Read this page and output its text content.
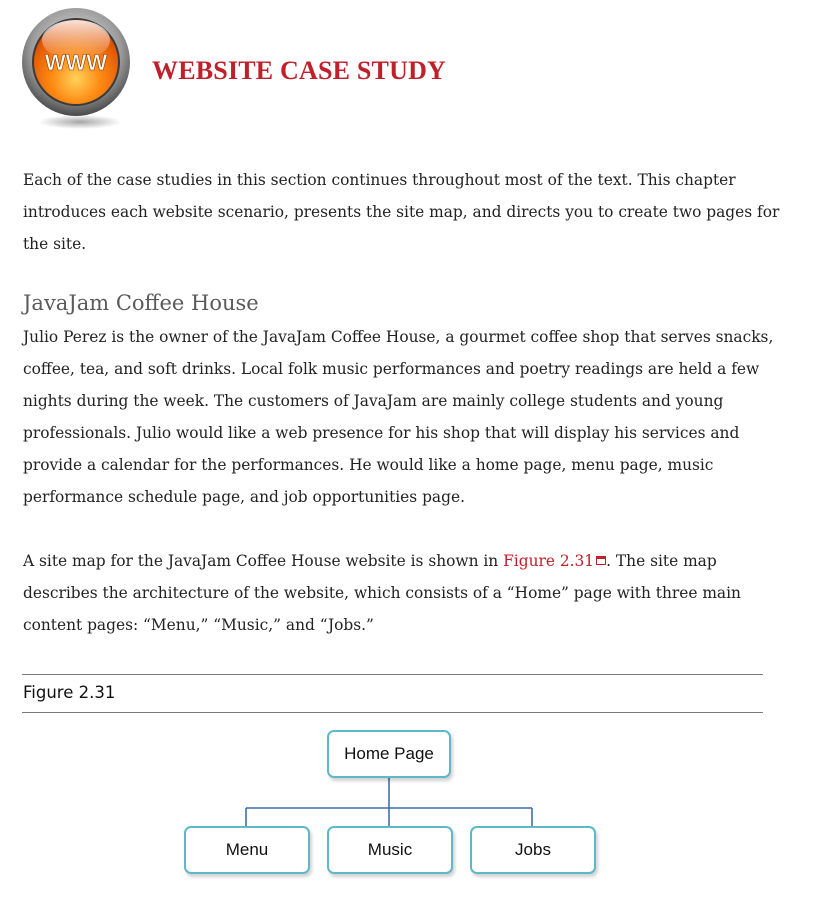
WWW WEBSITE CASE STUDY

Each of the case studies in this section continues throughout most of the text. This chapter introduces each website scenario, presents the site map, and directs you to create two pages for the site.

JavaJam Coffee House

Julio Perez is the owner of the JavaJam Coffee House, a gourmet coffee shop that serves snacks, coffee, tea, and soft drinks. Local folk music performances and poetry readings are held a few nights during the week. The customers of JavaJam are mainly college students and young professionals. Julio would like a web presence for his shop that will display his services and provide a calendar for the performances. He would like a home page, menu page, music performance schedule page, and job opportunities page.

A site map for the JavaJam Coffee House website is shown in Figure 2.31 . The site map describes the architecture of the website, which consists of a “Home” page with three main content pages: “Menu,” “Music,” and “Jobs.”

Figure 2.31

Home Page
Menu	Music	Jobs
